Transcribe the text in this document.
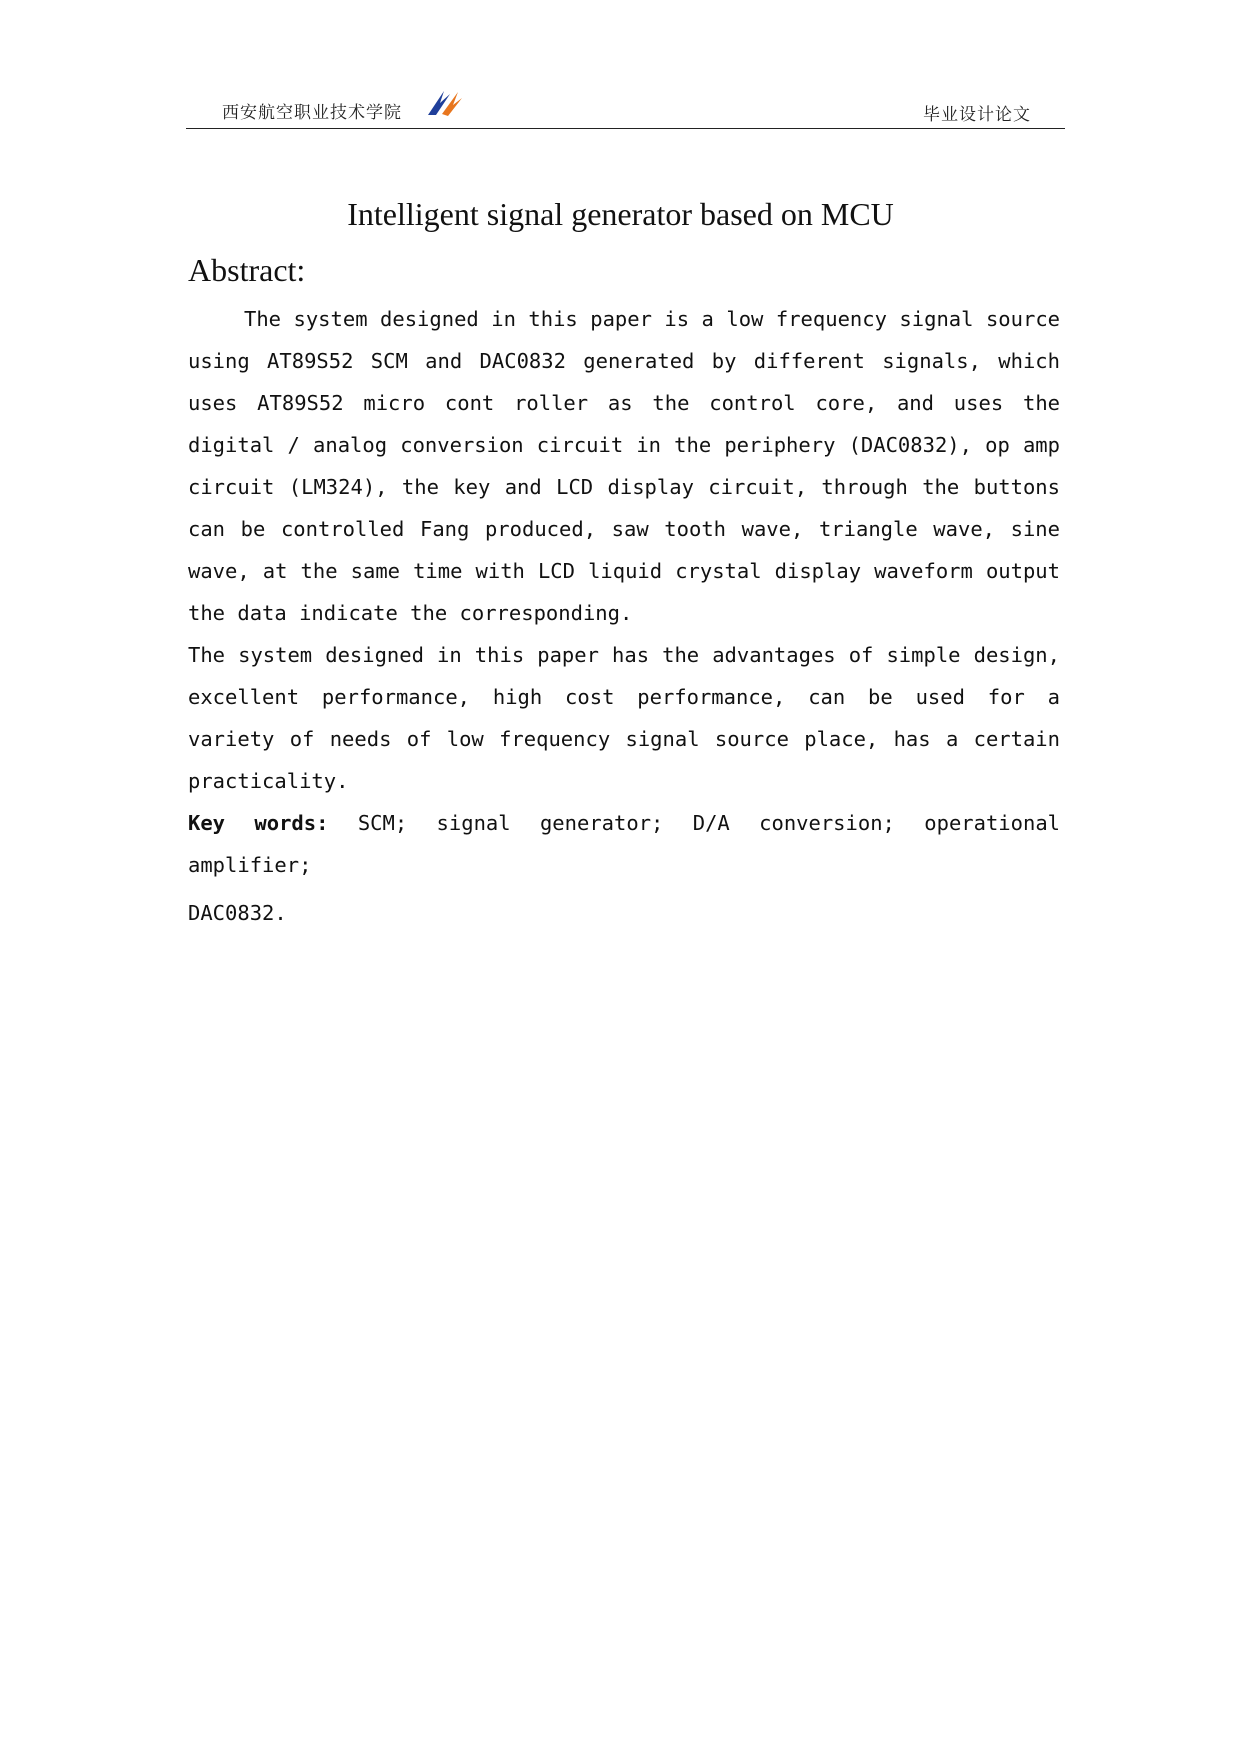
西安航空职业技术学院	毕业设计论文
Intelligent signal generator based on MCU
Abstract:

The system designed in this paper is a low frequency signal source using AT89S52 SCM and DAC0832 generated by different signals, which uses AT89S52 micro cont roller as the control core, and uses the digital / analog conversion circuit in the periphery (DAC0832), op amp circuit (LM324), the key and LCD display circuit, through the buttons can be controlled Fang produced, saw tooth wave, triangle wave, sine wave, at the same time with LCD liquid crystal display waveform output the data indicate the corresponding.

The system designed in this paper has the advantages of simple design, excellent performance, high cost performance, can be used for a variety of needs of low frequency signal source place, has a certain practicality.

Key words: SCM; signal generator; D/A conversion; operational amplifier;

DAC0832.
